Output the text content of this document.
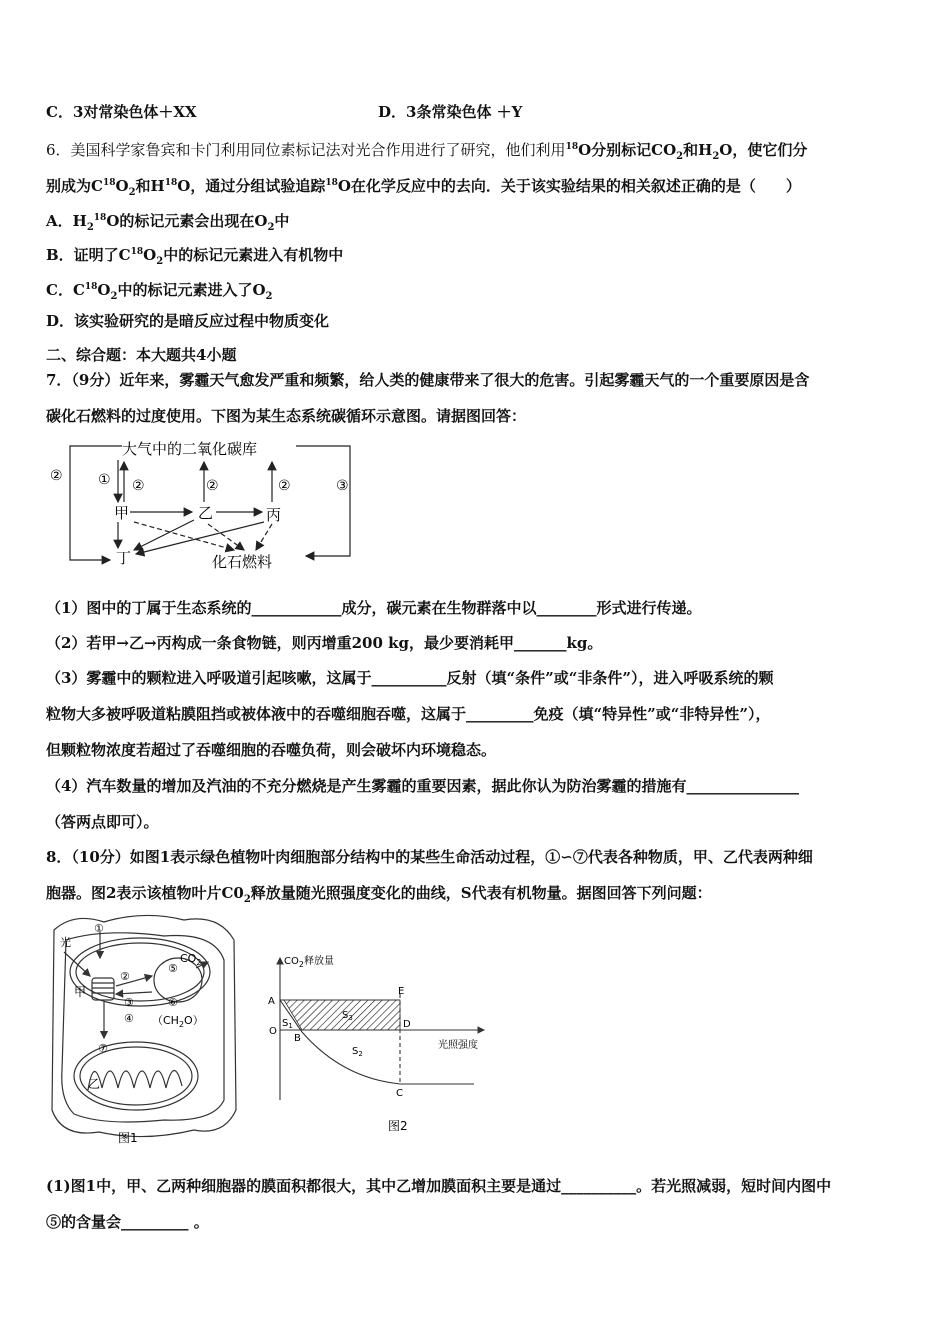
C．3对常染色体＋XX	D．3条常染色体 ＋Y
6．美国科学家鲁宾和卡门利用同位素标记法对光合作用进行了研究，他们利用$^{18}$O分别标记$CO_2$和$H_2O$，使它们分
别成为$C^{18}O_2$和$H^{18}O$，通过分组试验追踪$^{18}$O在化学反应中的去向．关于该实验结果的相关叙述正确的是（　　）
A．$H_2^{18}O$的标记元素会出现在$O_2$中
B．证明了$C^{18}O_2$中的标记元素进入有机物中
C．$C^{18}O_2$中的标记元素进入了$O_2$
D．该实验研究的是暗反应过程中物质变化
二、综合题：本大题共4小题
7．（9分）近年来，雾霾天气愈发严重和频繁，给人类的健康带来了很大的危害。引起雾霾天气的一个重要原因是含
碳化石燃料的过度使用。下图为某生态系统碳循环示意图。请据图回答：
大气中的二氧化碳库
甲	乙	丙
丁	化石燃料
②	① ②	②	②	③
（1）图中的丁属于生态系统的____________成分，碳元素在生物群落中以________形式进行传递。
（2）若甲→乙→丙构成一条食物链，则丙增重200 kg，最少要消耗甲_______kg。
（3）雾霾中的颗粒进入呼吸道引起咳嗽，这属于__________反射（填“条件”或“非条件”），进入呼吸系统的颗
粒物大多被呼吸道粘膜阻挡或被体液中的吞噬细胞吞噬，这属于_________免疫（填“特异性”或“非特异性”），
但颗粒物浓度若超过了吞噬细胞的吞噬负荷，则会破坏内环境稳态。
（4）汽车数量的增加及汽油的不充分燃烧是产生雾霾的重要因素，据此你认为防治雾霾的措施有_______________
（答两点即可）。
8．（10分）如图1表示绿色植物叶肉细胞部分结构中的某些生命活动过程，①∽⑦代表各种物质，甲、乙代表两种细
胞器。图2表示该植物叶片$C0_2$释放量随光照强度变化的曲线，S代表有机物量。据图回答下列问题：
①
光
甲
②
③
④
⑤
⑥
⑦
$CO_2$
$(CH_2O)$
乙
图1
$CO_2$释放量
光照强度
A
E
O
B
D
C
$S_1$
$S_3$
$S_2$
图2
(1)图1中，甲、乙两种细胞器的膜面积都很大，其中乙增加膜面积主要是通过__________。若光照减弱，短时间内图中
⑤的含量会_________ 。
